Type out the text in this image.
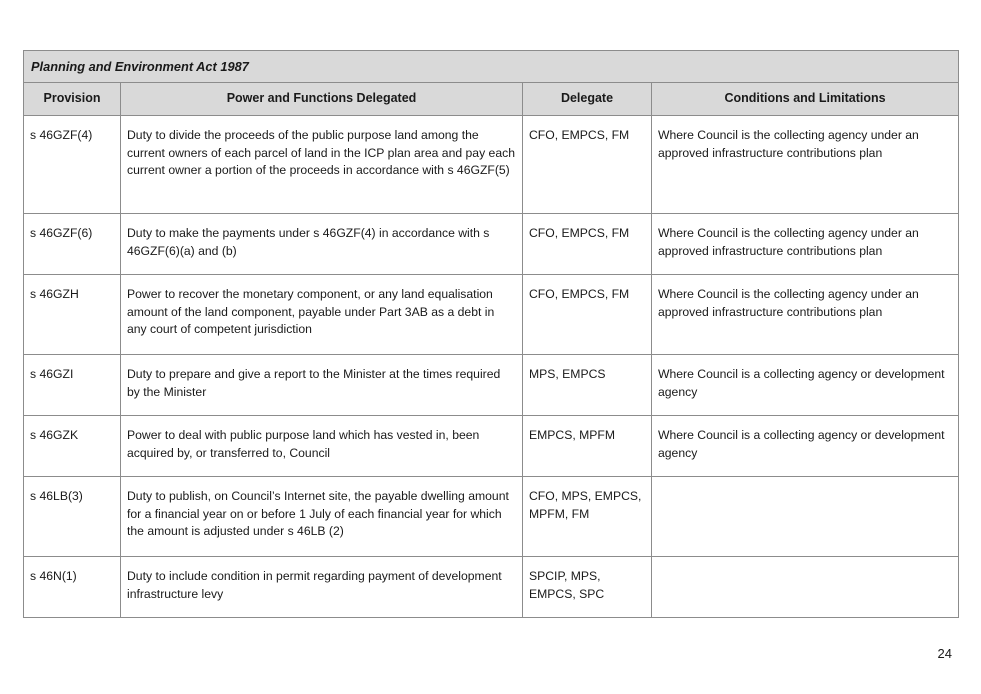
Planning and Environment Act 1987			
Provision	Power and Functions Delegated	Delegate	Conditions and Limitations
s 46GZF(4)	Duty to divide the proceeds of the public purpose land among the current owners of each parcel of land in the ICP plan area and pay each current owner a portion of the proceeds in accordance with s 46GZF(5)	CFO, EMPCS, FM	Where Council is the collecting agency under an approved infrastructure contributions plan
s 46GZF(6)	Duty to make the payments under s 46GZF(4) in accordance with s 46GZF(6)(a) and (b)	CFO, EMPCS, FM	Where Council is the collecting agency under an approved infrastructure contributions plan
s 46GZH	Power to recover the monetary component, or any land equalisation amount of the land component, payable under Part 3AB as a debt in any court of competent jurisdiction	CFO, EMPCS, FM	Where Council is the collecting agency under an approved infrastructure contributions plan
s 46GZI	Duty to prepare and give a report to the Minister at the times required by the Minister	MPS, EMPCS	Where Council is a collecting agency or development agency
s 46GZK	Power to deal with public purpose land which has vested in, been acquired by, or transferred to, Council	EMPCS, MPFM	Where Council is a collecting agency or development agency
s 46LB(3)	Duty to publish, on Council’s Internet site, the payable dwelling amount for a financial year on or before 1 July of each financial year for which the amount is adjusted under s 46LB (2)	CFO, MPS, EMPCS, MPFM, FM	
s 46N(1)	Duty to include condition in permit regarding payment of development infrastructure levy	SPCIP, MPS, EMPCS, SPC	
24
